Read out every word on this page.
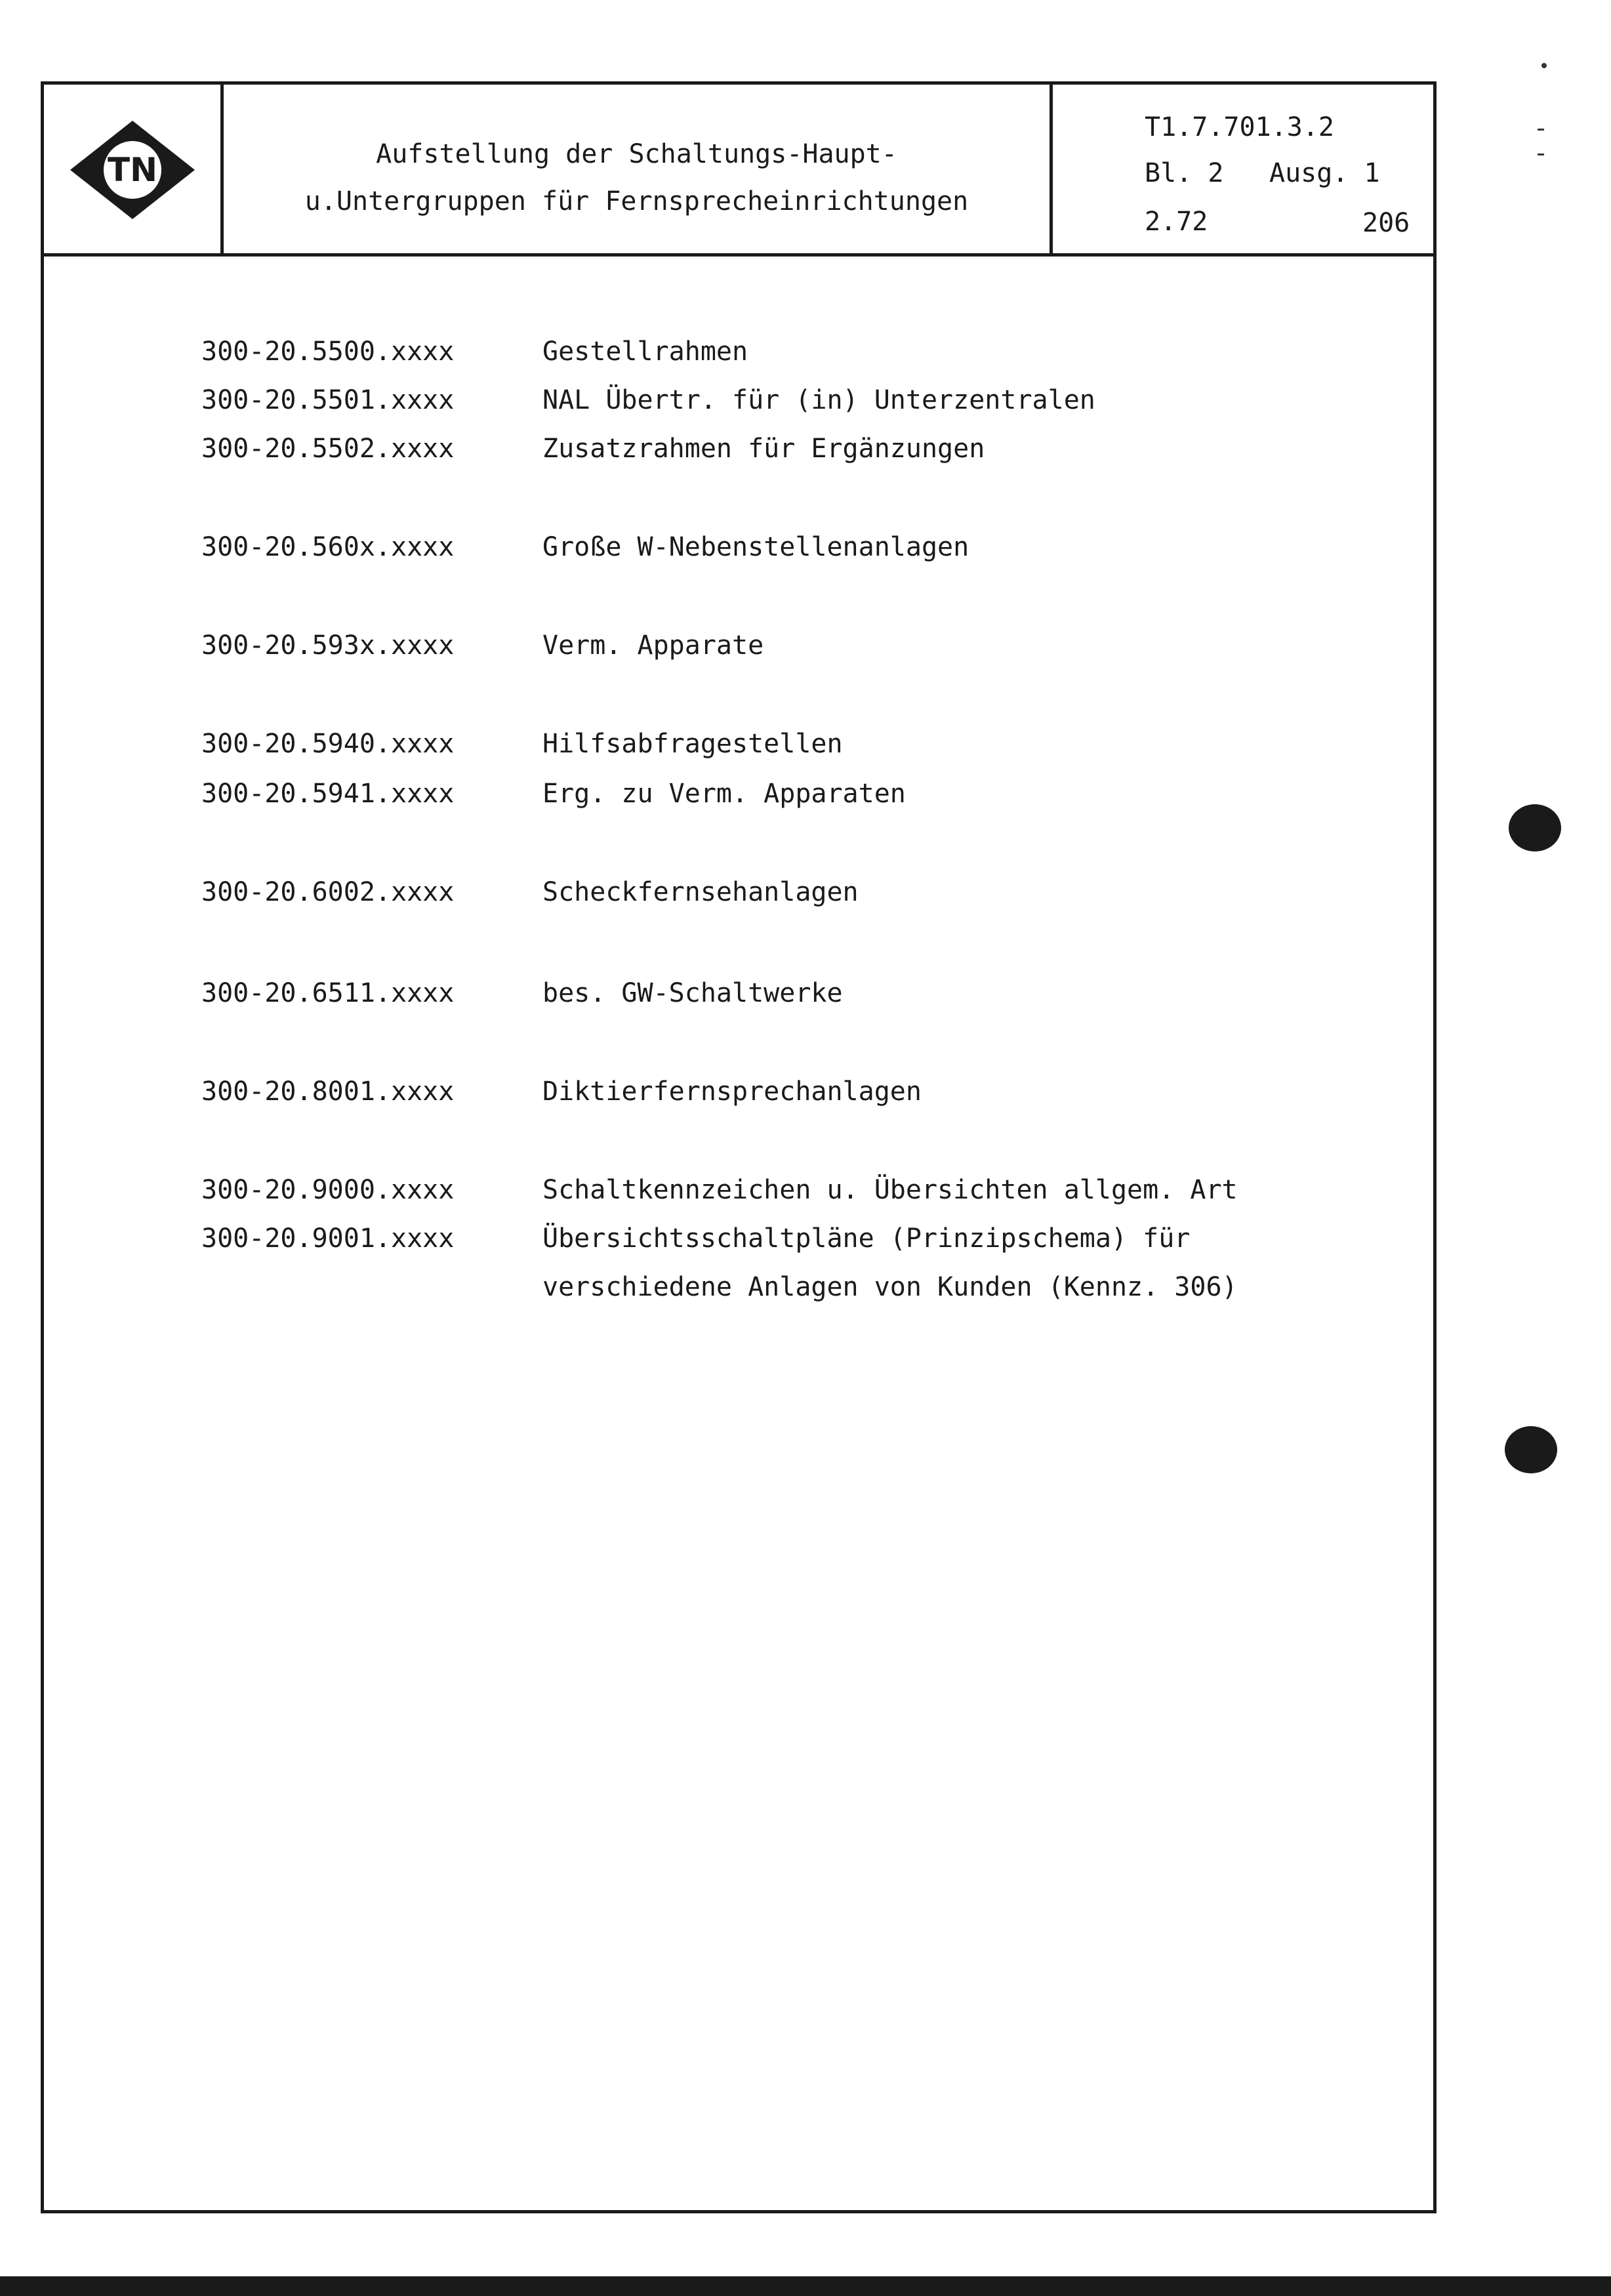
TN	Aufstellung der Schaltungs-Haupt-
u.Untergruppen für Fernsprecheinrichtungen
T1.7.701.3.2
Bl. 2 Ausg. 1
2.72	206
300-20.5500.xxxx	Gestellrahmen
300-20.5501.xxxx	NAL Übertr. für (in) Unterzentralen
300-20.5502.xxxx	Zusatzrahmen für Ergänzungen
300-20.560x.xxxx	Große W-Nebenstellenanlagen
300-20.593x.xxxx	Verm. Apparate
300-20.5940.xxxx	Hilfsabfragestellen
300-20.5941.xxxx	Erg. zu Verm. Apparaten
300-20.6002.xxxx	Scheckfernsehanlagen
300-20.6511.xxxx	bes. GW-Schaltwerke
300-20.8001.xxxx	Diktierfernsprechanlagen
300-20.9000.xxxx	Schaltkennzeichen u. Übersichten allgem. Art
300-20.9001.xxxx	Übersichtsschaltpläne (Prinzipschema) für
verschiedene Anlagen von Kunden (Kennz. 306)
